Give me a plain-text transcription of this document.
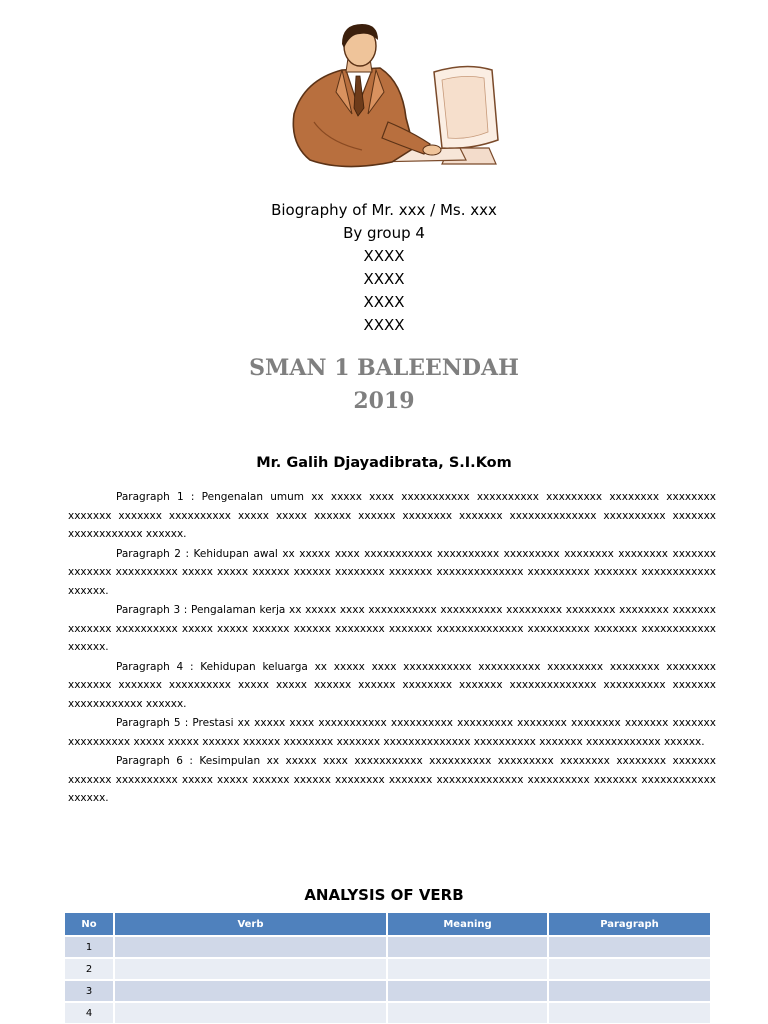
Biography of Mr. xxx / Ms. xxx
By group 4
XXXX
XXXX
XXXX
XXXX
SMAN 1 BALEENDAH
2019
Mr. Galih Djayadibrata, S.I.Kom

Paragraph 1 : Pengenalan umum xx xxxxx xxxx xxxxxxxxxxx xxxxxxxxxx xxxxxxxxx xxxxxxxx xxxxxxxx xxxxxxx xxxxxxx xxxxxxxxxx xxxxx xxxxx xxxxxx xxxxxx xxxxxxxx xxxxxxx xxxxxxxxxxxxxx xxxxxxxxxx xxxxxxx xxxxxxxxxxxx xxxxxx.

Paragraph 2 : Kehidupan awal xx xxxxx xxxx xxxxxxxxxxx xxxxxxxxxx xxxxxxxxx xxxxxxxx xxxxxxxx xxxxxxx xxxxxxx xxxxxxxxxx xxxxx xxxxx xxxxxx xxxxxx xxxxxxxx xxxxxxx xxxxxxxxxxxxxx xxxxxxxxxx xxxxxxx xxxxxxxxxxxx xxxxxx.

Paragraph 3 : Pengalaman kerja xx xxxxx xxxx xxxxxxxxxxx xxxxxxxxxx xxxxxxxxx xxxxxxxx xxxxxxxx xxxxxxx xxxxxxx xxxxxxxxxx xxxxx xxxxx xxxxxx xxxxxx xxxxxxxx xxxxxxx xxxxxxxxxxxxxx xxxxxxxxxx xxxxxxx xxxxxxxxxxxx xxxxxx.

Paragraph 4 : Kehidupan keluarga xx xxxxx xxxx xxxxxxxxxxx xxxxxxxxxx xxxxxxxxx xxxxxxxx xxxxxxxx xxxxxxx xxxxxxx xxxxxxxxxx xxxxx xxxxx xxxxxx xxxxxx xxxxxxxx xxxxxxx xxxxxxxxxxxxxx xxxxxxxxxx xxxxxxx xxxxxxxxxxxx xxxxxx.

Paragraph 5 : Prestasi xx xxxxx xxxx xxxxxxxxxxx xxxxxxxxxx xxxxxxxxx xxxxxxxx xxxxxxxx xxxxxxx xxxxxxx xxxxxxxxxx xxxxx xxxxx xxxxxx xxxxxx xxxxxxxx xxxxxxx xxxxxxxxxxxxxx xxxxxxxxxx xxxxxxx xxxxxxxxxxxx xxxxxx.

Paragraph 6 : Kesimpulan xx xxxxx xxxx xxxxxxxxxxx xxxxxxxxxx xxxxxxxxx xxxxxxxx xxxxxxxx xxxxxxx xxxxxxx xxxxxxxxxx xxxxx xxxxx xxxxxx xxxxxx xxxxxxxx xxxxxxx xxxxxxxxxxxxxx xxxxxxxxxx xxxxxxx xxxxxxxxxxxx xxxxxx.

ANALYSIS OF VERB
No	Verb	Meaning	Paragraph
1			
2			
3			
4			
